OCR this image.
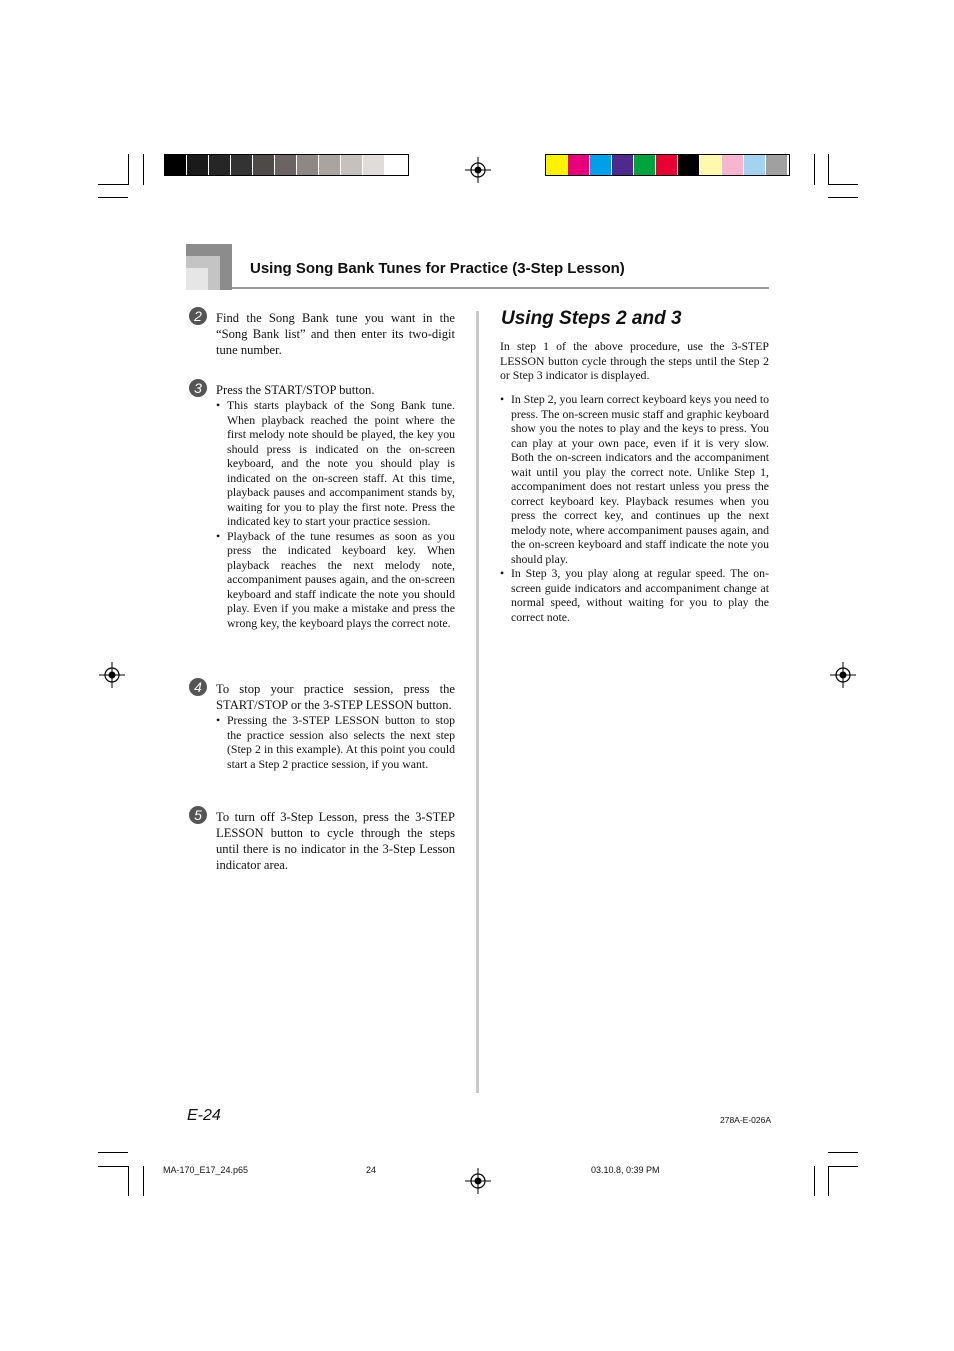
Using Song Bank Tunes for Practice (3-Step Lesson)
2	Find the Song Bank tune you want in the “Song Bank list” and then enter its two-digit tune number.

3	Press the START/STOP button.

• This starts playback of the Song Bank tune. When playback reached the point where the first melody note should be played, the key you should press is indicated on the on-screen keyboard, and the note you should play is indicated on the on-screen staff. At this time, playback pauses and accompaniment stands by, waiting for you to play the first note. Press the indicated key to start your practice session.
• Playback of the tune resumes as soon as you press the indicated keyboard key. When playback reaches the next melody note, accompaniment pauses again, and the on-screen keyboard and staff indicate the note you should play. Even if you make a mistake and press the wrong key, the keyboard plays the correct note.
4	To stop your practice session, press the START/STOP or the 3-STEP LESSON button.

• Pressing the 3-STEP LESSON button to stop the practice session also selects the next step (Step 2 in this example). At this point you could start a Step 2 practice session, if you want.
5	To turn off 3-Step Lesson, press the 3-STEP LESSON button to cycle through the steps until there is no indicator in the 3-Step Lesson indicator area.

Using Steps 2 and 3

In step 1 of the above procedure, use the 3-STEP LESSON button cycle through the steps until the Step 2 or Step 3 indicator is displayed.

• In Step 2, you learn correct keyboard keys you need to press. The on-screen music staff and graphic keyboard show you the notes to play and the keys to press. You can play at your own pace, even if it is very slow. Both the on-screen indicators and the accompaniment wait until you play the correct note. Unlike Step 1, accompaniment does not restart unless you press the correct keyboard key. Playback resumes when you press the correct key, and continues up the next melody note, where accompaniment pauses again, and the on-screen keyboard and staff indicate the note you should play.
• In Step 3, you play along at regular speed. The on-screen guide indicators and accompaniment change at normal speed, without waiting for you to play the correct note.
E-24	278A-E-026A
MA-170_E17_24.p65	24	03.10.8, 0:39 PM
